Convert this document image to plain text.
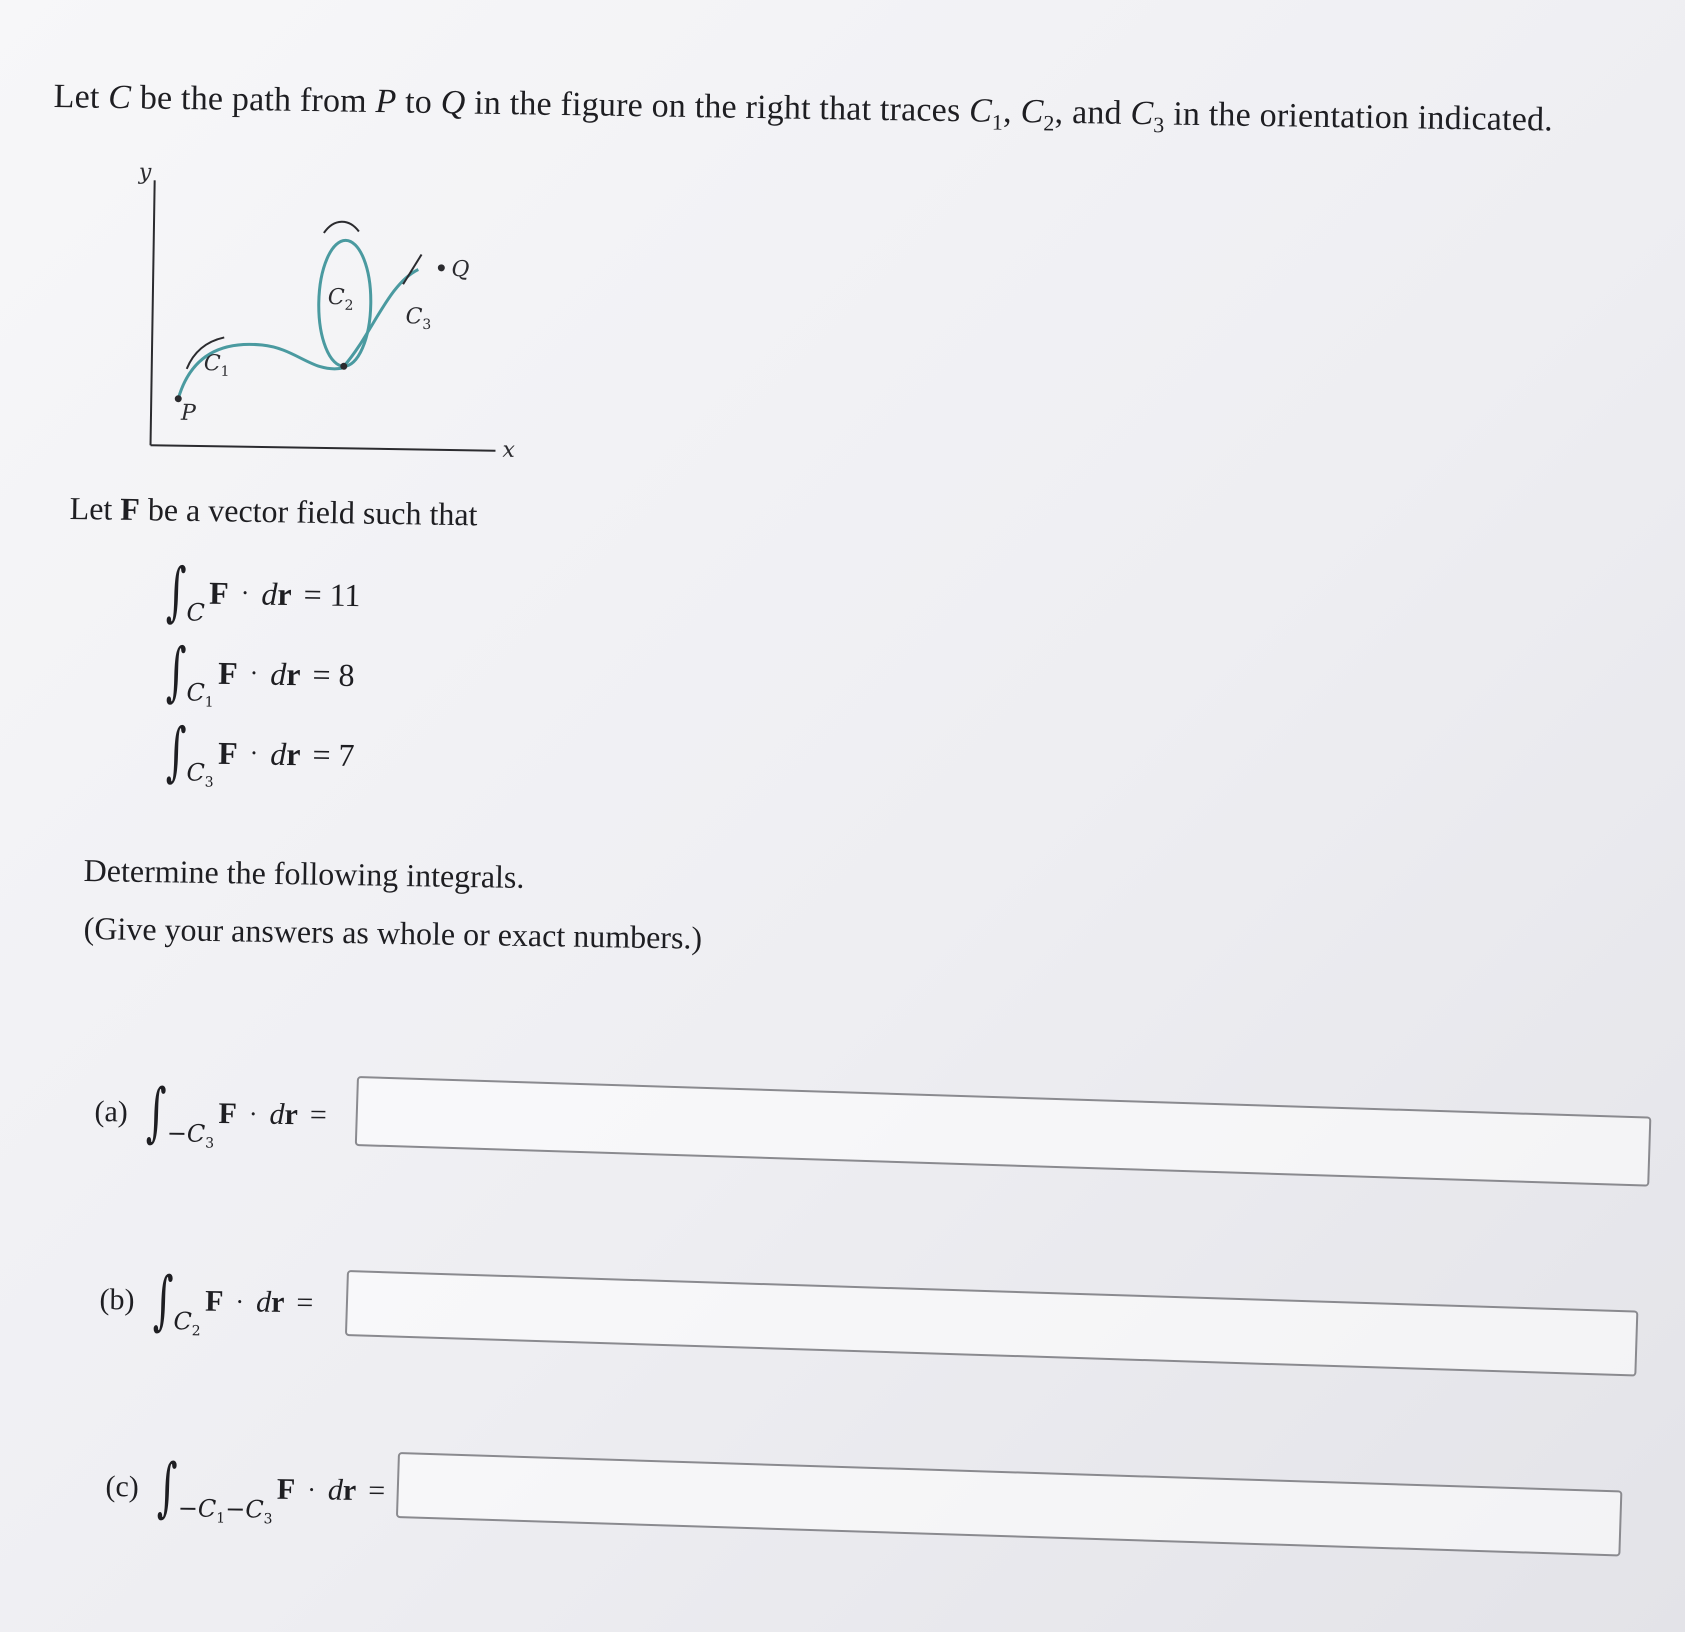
Let C be the path from P to Q in the figure on the right that traces $C_1$, $C_2$, and $C_3$ in the orientation indicated.
y
x
P
Q
$C_1$
$C_2$ $C_3$
Let F be a vector field such that
∫ C
F · dr = 11
∫ $C_1$
F · dr = 8
∫ $C_3$
F · dr = 7
Determine the following integrals.
(Give your answers as whole or exact numbers.)
(a) ∫ $-C_3$
F · dr =
(b) ∫ $C_2$
F · dr =
(c) ∫ $-C_1-C_3$
F · dr =
